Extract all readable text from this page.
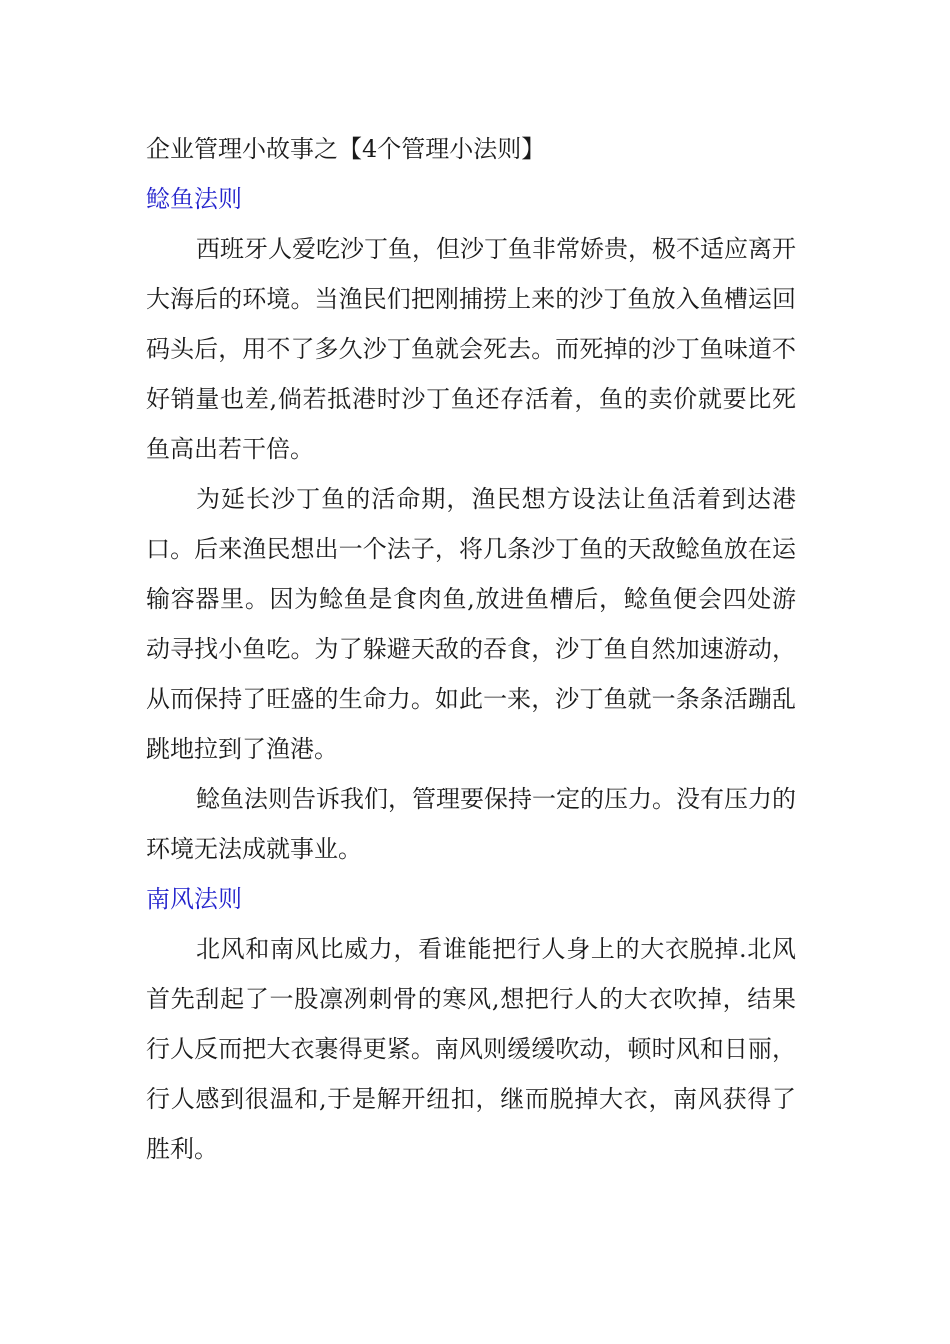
企业管理小故事之【4个管理小法则】

鲶鱼法则

西班牙人爱吃沙丁鱼，但沙丁鱼非常娇贵，极不适应离开大海后的环境。当渔民们把刚捕捞上来的沙丁鱼放入鱼槽运回码头后，用不了多久沙丁鱼就会死去。而死掉的沙丁鱼味道不好销量也差,倘若抵港时沙丁鱼还存活着，鱼的卖价就要比死鱼高出若干倍。

为延长沙丁鱼的活命期，渔民想方设法让鱼活着到达港口。后来渔民想出一个法子，将几条沙丁鱼的天敌鲶鱼放在运输容器里。因为鲶鱼是食肉鱼,放进鱼槽后，鲶鱼便会四处游动寻找小鱼吃。为了躲避天敌的吞食，沙丁鱼自然加速游动，从而保持了旺盛的生命力。如此一来，沙丁鱼就一条条活蹦乱跳地拉到了渔港。

鲶鱼法则告诉我们，管理要保持一定的压力。没有压力的环境无法成就事业。

南风法则

北风和南风比威力，看谁能把行人身上的大衣脱掉.北风首先刮起了一股凛冽刺骨的寒风,想把行人的大衣吹掉，结果行人反而把大衣裹得更紧。南风则缓缓吹动，顿时风和日丽，行人感到很温和,于是解开纽扣，继而脱掉大衣，南风获得了胜利。
